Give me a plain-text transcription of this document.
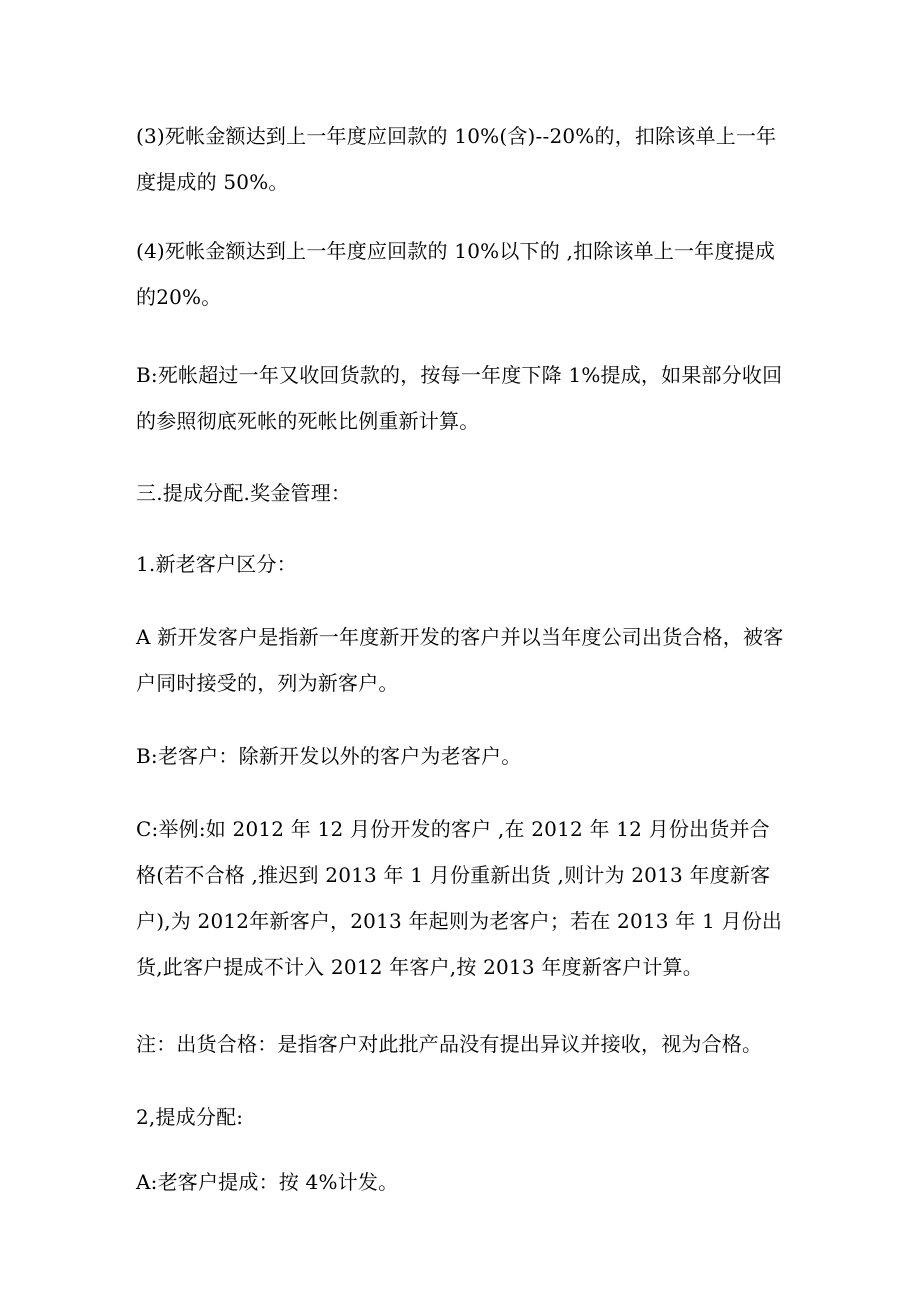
(3)死帐金额达到上一年度应回款的 10%(含)--20%的，扣除该单上一年度提成的 50%。

(4)死帐金额达到上一年度应回款的 10%以下的 ,扣除该单上一年度提成的20%。

B:死帐超过一年又收回货款的，按每一年度下降 1%提成，如果部分收回的参照彻底死帐的死帐比例重新计算。

三.提成分配.奖金管理：

1.新老客户区分：

A 新开发客户是指新一年度新开发的客户并以当年度公司出货合格，被客户同时接受的，列为新客户。

B:老客户：除新开发以外的客户为老客户。

C:举例:如 2012 年 12 月份开发的客户 ,在 2012 年 12 月份出货并合格(若不合格 ,推迟到 2013 年 1 月份重新出货 ,则计为 2013 年度新客户),为 2012年新客户，2013 年起则为老客户；若在 2013 年 1 月份出货,此客户提成不计入 2012 年客户,按 2013 年度新客户计算。

注：出货合格：是指客户对此批产品没有提出异议并接收，视为合格。

2,提成分配:

A:老客户提成：按 4%计发。
